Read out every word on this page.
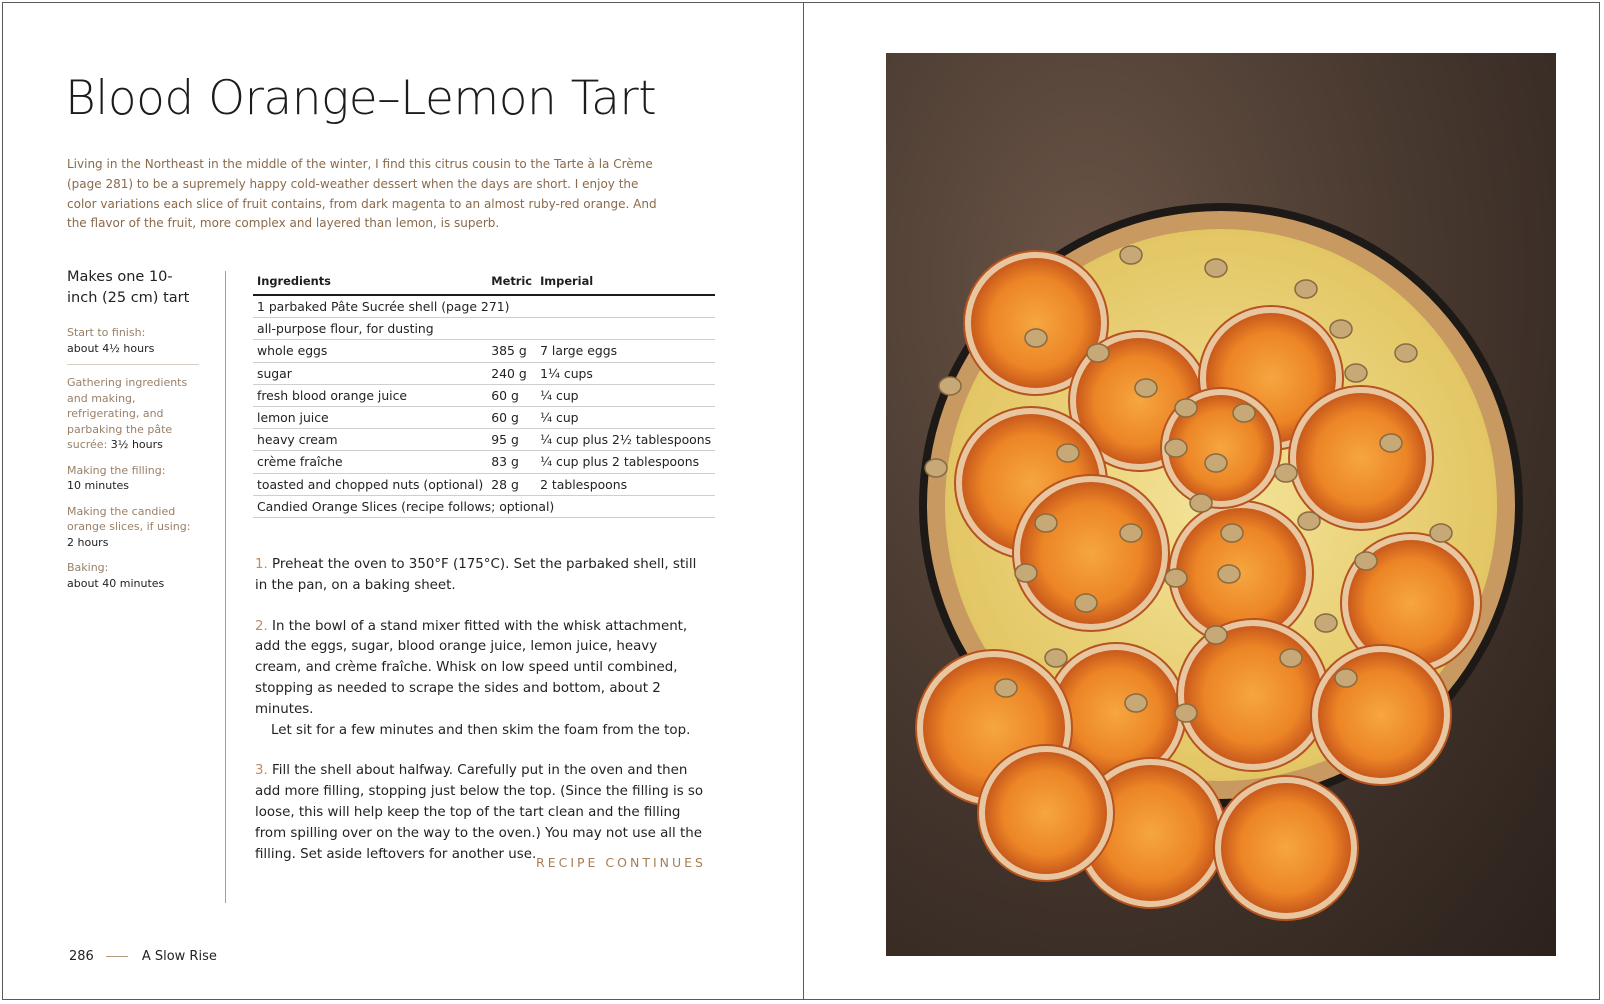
Blood Orange–Lemon Tart

Living in the Northeast in the middle of the winter, I find this citrus cousin to the Tarte à la Crème (page 281) to be a supremely happy cold-weather dessert when the days are short. I enjoy the color variations each slice of fruit contains, from dark magenta to an almost ruby-red orange. And the flavor of the fruit, more complex and layered than lemon, is superb.

Makes one 10-inch (25 cm) tart

Start to finish:
about 4½ hours
Gathering ingredients and making, refrigerating, and parbaking the pâte sucrée: 3½ hours
Making the filling:
10 minutes
Making the candied orange slices, if using:
2 hours
Baking:
about 40 minutes
Ingredients	Metric	Imperial
1 parbaked Pâte Sucrée shell (page 271)		
all-purpose flour, for dusting		
whole eggs	385 g	7 large eggs
sugar	240 g	1¼ cups
fresh blood orange juice	60 g	¼ cup
lemon juice	60 g	¼ cup
heavy cream	95 g	¼ cup plus 2½ tablespoons
crème fraîche	83 g	¼ cup plus 2 tablespoons
toasted and chopped nuts (optional)	28 g	2 tablespoons
Candied Orange Slices (recipe follows; optional)		

1. Preheat the oven to 350°F (175°C). Set the parbaked shell, still in the pan, on a baking sheet.

2. In the bowl of a stand mixer fitted with the whisk attachment, add the eggs, sugar, blood orange juice, lemon juice, heavy cream, and crème fraîche. Whisk on low speed until combined, stopping as needed to scrape the sides and bottom, about 2 minutes.
Let sit for a few minutes and then skim the foam from the top.

3. Fill the shell about halfway. Carefully put in the oven and then add more filling, stopping just below the top. (Since the filling is so loose, this will help keep the top of the tart clean and the filling from spilling over on the way to the oven.) You may not use all the filling. Set aside leftovers for another use.

RECIPE CONTINUES
286	A Slow Rise
